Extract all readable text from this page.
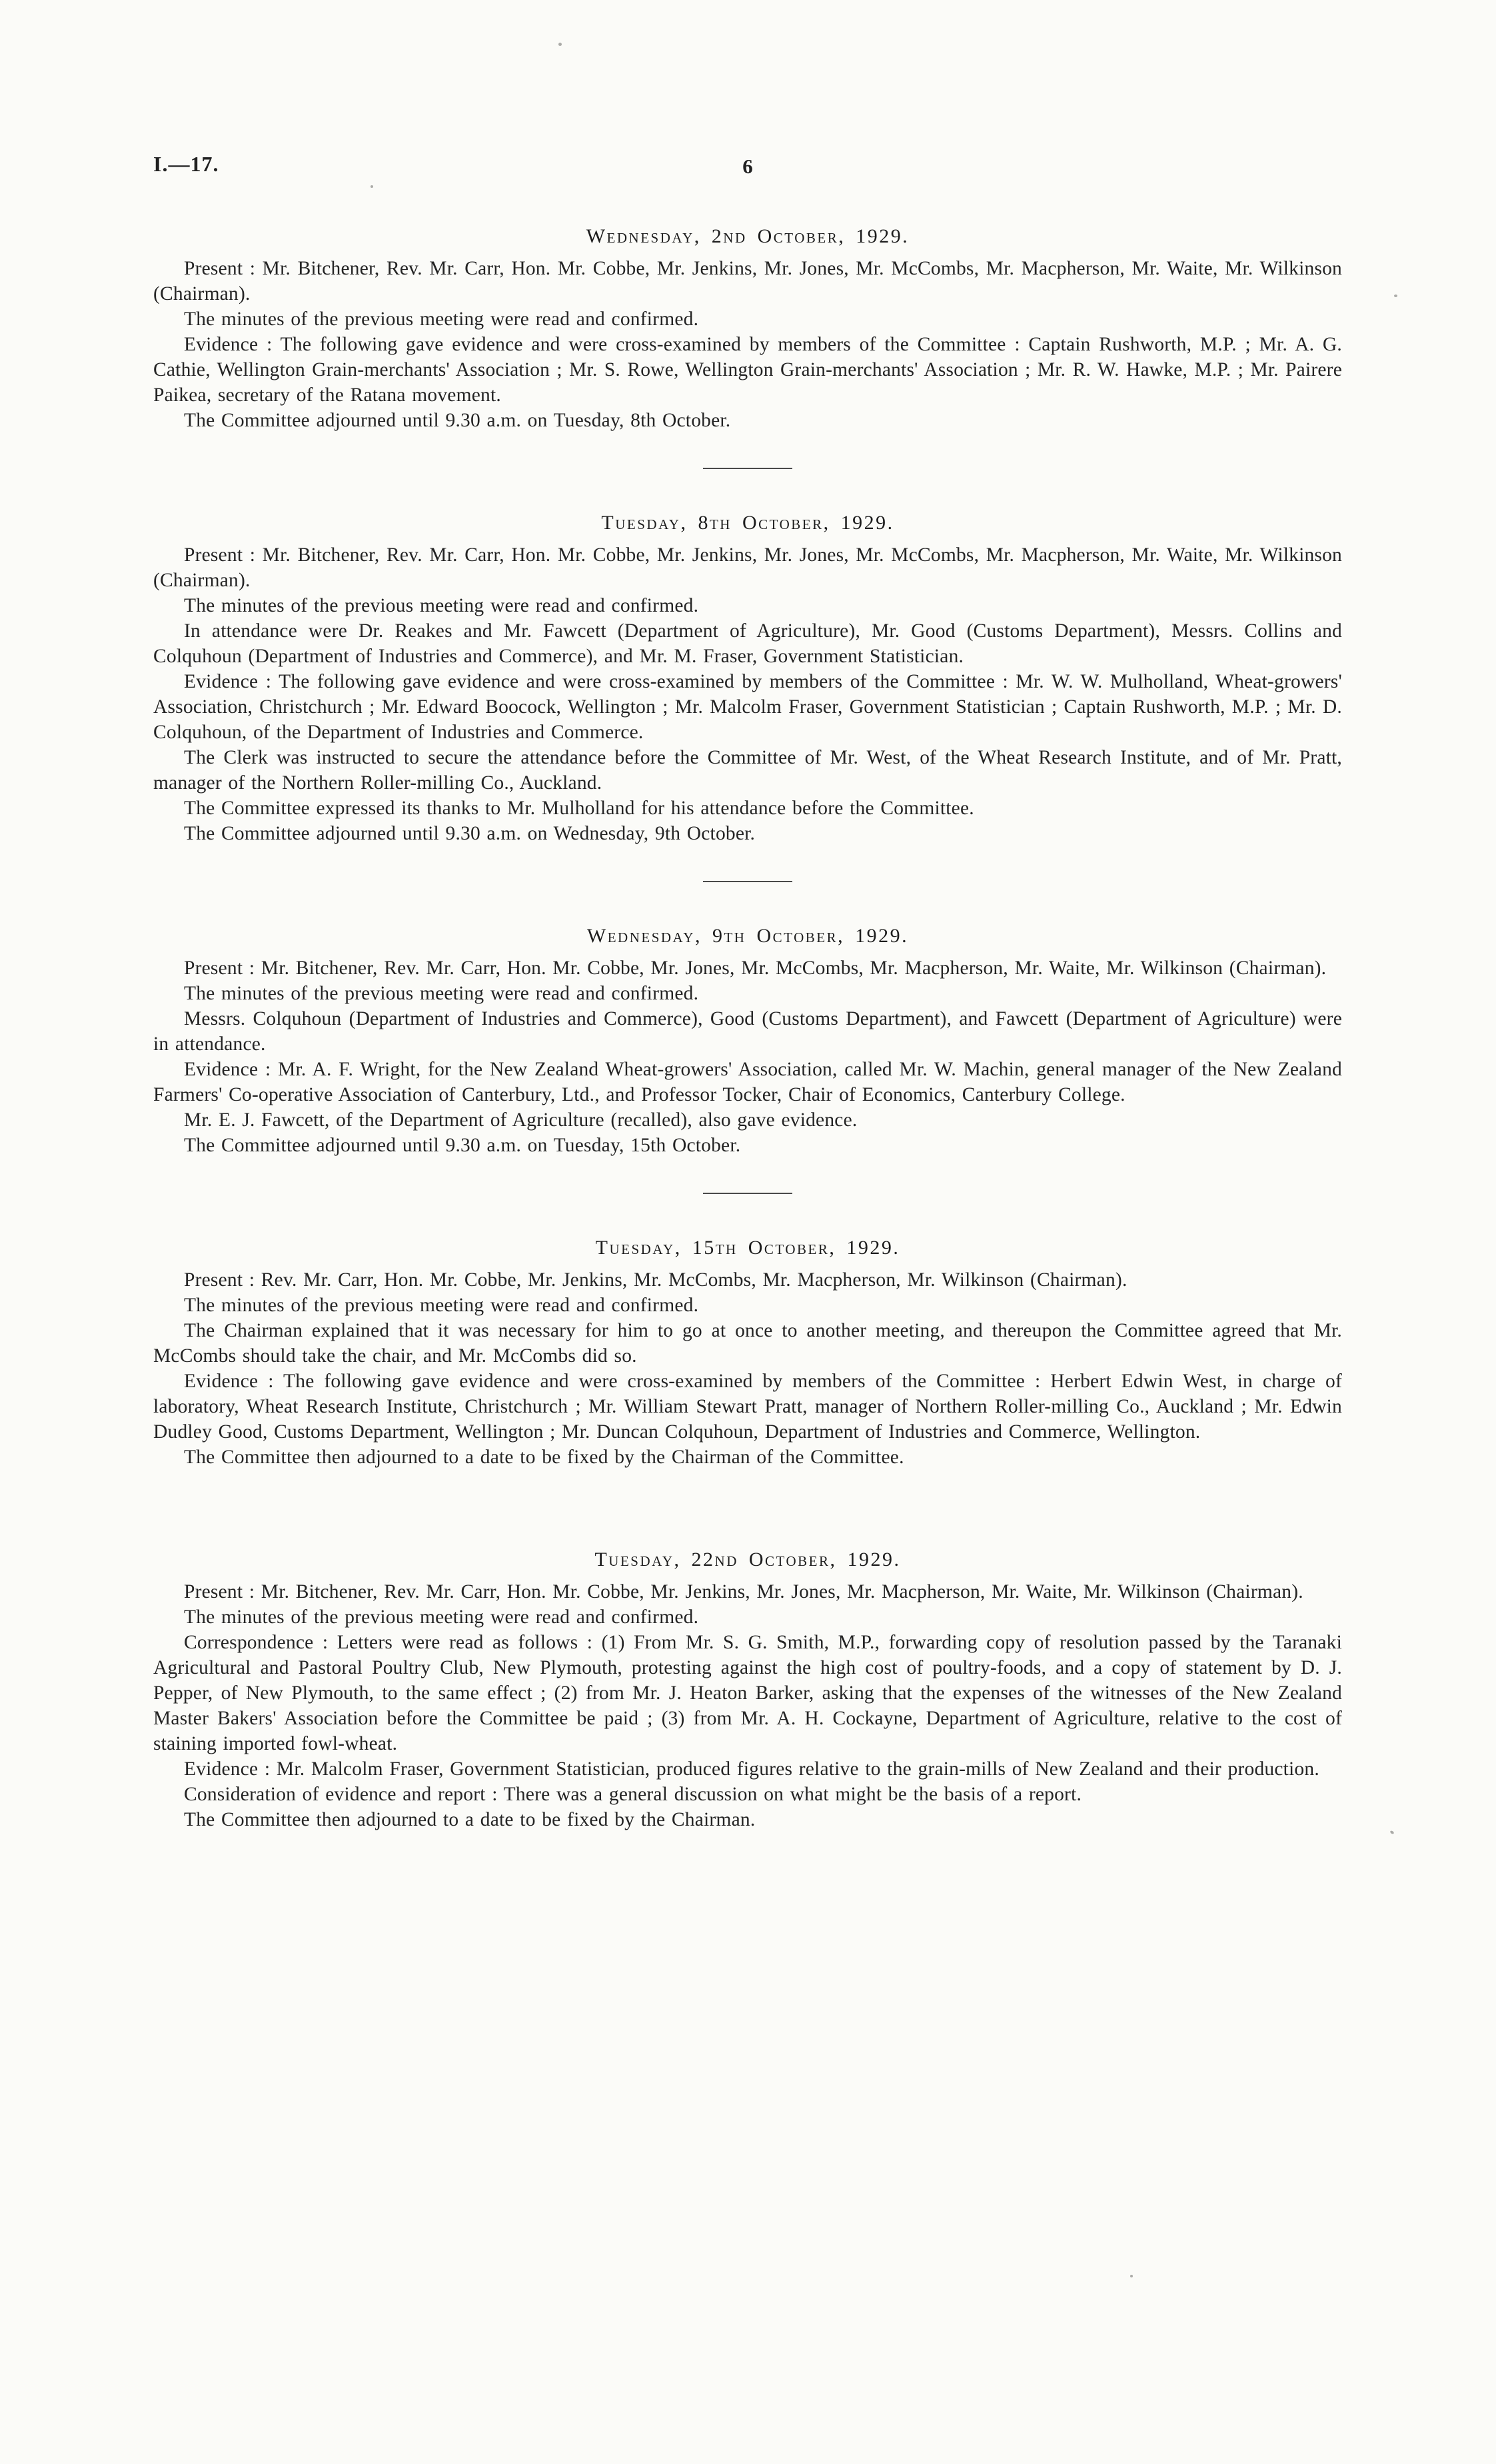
I.—17.	6
Wednesday, 2nd October, 1929.

Present : Mr. Bitchener, Rev. Mr. Carr, Hon. Mr. Cobbe, Mr. Jenkins, Mr. Jones, Mr. McCombs, Mr. Macpherson, Mr. Waite, Mr. Wilkinson (Chairman).

The minutes of the previous meeting were read and confirmed.

Evidence : The following gave evidence and were cross-examined by members of the Committee : Captain Rushworth, M.P. ; Mr. A. G. Cathie, Wellington Grain-merchants' Association ; Mr. S. Rowe, Wellington Grain-merchants' Association ; Mr. R. W. Hawke, M.P. ; Mr. Pairere Paikea, secretary of the Ratana movement.

The Committee adjourned until 9.30 a.m. on Tuesday, 8th October.

Tuesday, 8th October, 1929.

Present : Mr. Bitchener, Rev. Mr. Carr, Hon. Mr. Cobbe, Mr. Jenkins, Mr. Jones, Mr. McCombs, Mr. Macpherson, Mr. Waite, Mr. Wilkinson (Chairman).

The minutes of the previous meeting were read and confirmed.

In attendance were Dr. Reakes and Mr. Fawcett (Department of Agriculture), Mr. Good (Customs Department), Messrs. Collins and Colquhoun (Department of Industries and Commerce), and Mr. M. Fraser, Government Statistician.

Evidence : The following gave evidence and were cross-examined by members of the Committee : Mr. W. W. Mulholland, Wheat-growers' Association, Christchurch ; Mr. Edward Boocock, Wellington ; Mr. Malcolm Fraser, Government Statistician ; Captain Rushworth, M.P. ; Mr. D. Colquhoun, of the Department of Industries and Commerce.

The Clerk was instructed to secure the attendance before the Committee of Mr. West, of the Wheat Research Institute, and of Mr. Pratt, manager of the Northern Roller-milling Co., Auckland.

The Committee expressed its thanks to Mr. Mulholland for his attendance before the Committee.

The Committee adjourned until 9.30 a.m. on Wednesday, 9th October.

Wednesday, 9th October, 1929.

Present : Mr. Bitchener, Rev. Mr. Carr, Hon. Mr. Cobbe, Mr. Jones, Mr. McCombs, Mr. Macpherson, Mr. Waite, Mr. Wilkinson (Chairman).

The minutes of the previous meeting were read and confirmed.

Messrs. Colquhoun (Department of Industries and Commerce), Good (Customs Department), and Fawcett (Department of Agriculture) were in attendance.

Evidence : Mr. A. F. Wright, for the New Zealand Wheat-growers' Association, called Mr. W. Machin, general manager of the New Zealand Farmers' Co-operative Association of Canterbury, Ltd., and Professor Tocker, Chair of Economics, Canterbury College.

Mr. E. J. Fawcett, of the Department of Agriculture (recalled), also gave evidence.

The Committee adjourned until 9.30 a.m. on Tuesday, 15th October.

Tuesday, 15th October, 1929.

Present : Rev. Mr. Carr, Hon. Mr. Cobbe, Mr. Jenkins, Mr. McCombs, Mr. Macpherson, Mr. Wilkinson (Chairman).

The minutes of the previous meeting were read and confirmed.

The Chairman explained that it was necessary for him to go at once to another meeting, and thereupon the Committee agreed that Mr. McCombs should take the chair, and Mr. McCombs did so.

Evidence : The following gave evidence and were cross-examined by members of the Committee : Herbert Edwin West, in charge of laboratory, Wheat Research Institute, Christchurch ; Mr. William Stewart Pratt, manager of Northern Roller-milling Co., Auckland ; Mr. Edwin Dudley Good, Customs Department, Wellington ; Mr. Duncan Colquhoun, Department of Industries and Commerce, Wellington.

The Committee then adjourned to a date to be fixed by the Chairman of the Committee.

Tuesday, 22nd October, 1929.

Present : Mr. Bitchener, Rev. Mr. Carr, Hon. Mr. Cobbe, Mr. Jenkins, Mr. Jones, Mr. Macpherson, Mr. Waite, Mr. Wilkinson (Chairman).

The minutes of the previous meeting were read and confirmed.

Correspondence : Letters were read as follows : (1) From Mr. S. G. Smith, M.P., forwarding copy of resolution passed by the Taranaki Agricultural and Pastoral Poultry Club, New Plymouth, protesting against the high cost of poultry-foods, and a copy of statement by D. J. Pepper, of New Plymouth, to the same effect ; (2) from Mr. J. Heaton Barker, asking that the expenses of the witnesses of the New Zealand Master Bakers' Association before the Committee be paid ; (3) from Mr. A. H. Cockayne, Department of Agriculture, relative to the cost of staining imported fowl-wheat.

Evidence : Mr. Malcolm Fraser, Government Statistician, produced figures relative to the grain-mills of New Zealand and their production.

Consideration of evidence and report : There was a general discussion on what might be the basis of a report.

The Committee then adjourned to a date to be fixed by the Chairman.
